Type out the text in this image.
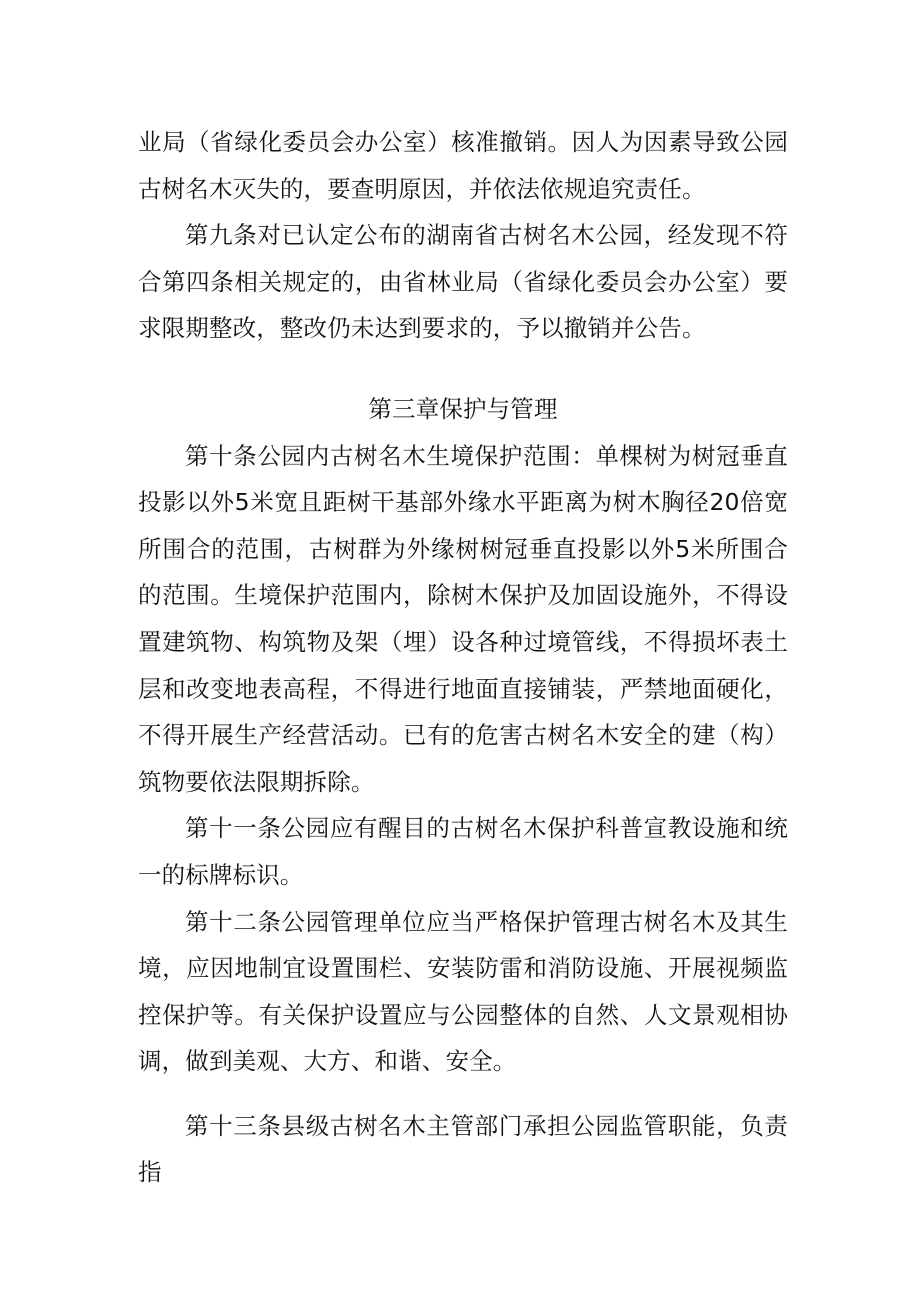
业局（省绿化委员会办公室）核准撤销。因人为因素导致公园古树名木灭失的，要查明原因，并依法依规追究责任。

第九条对已认定公布的湖南省古树名木公园，经发现不符合第四条相关规定的，由省林业局（省绿化委员会办公室）要求限期整改，整改仍未达到要求的，予以撤销并公告。

第三章保护与管理

第十条公园内古树名木生境保护范围：单棵树为树冠垂直投影以外5米宽且距树干基部外缘水平距离为树木胸径20倍宽所围合的范围，古树群为外缘树树冠垂直投影以外5米所围合的范围。生境保护范围内，除树木保护及加固设施外，不得设置建筑物、构筑物及架（埋）设各种过境管线，不得损坏表土层和改变地表高程，不得进行地面直接铺装，严禁地面硬化，不得开展生产经营活动。已有的危害古树名木安全的建（构）筑物要依法限期拆除。

第十一条公园应有醒目的古树名木保护科普宣教设施和统一的标牌标识。

第十二条公园管理单位应当严格保护管理古树名木及其生境，应因地制宜设置围栏、安装防雷和消防设施、开展视频监控保护等。有关保护设置应与公园整体的自然、人文景观相协调，做到美观、大方、和谐、安全。

第十三条县级古树名木主管部门承担公园监管职能，负责指
